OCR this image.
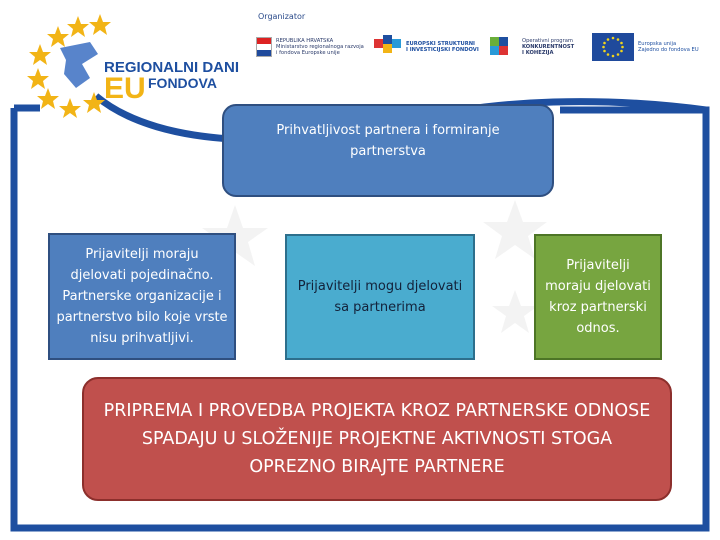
REGIONALNI DANI
EU FONDOVA
Organizator
REPUBLIKA HRVATSKA
Ministarstvo regionalnoga razvoja
i fondova Europske unije
EUROPSKI STRUKTURNI
I INVESTICIJSKI FONDOVI
Operativni program
KONKURENTNOST
I KOHEZIJA
Europska unija
Zajedno do fondova EU
Prihvatljivost partnera i formiranje partnerstva
Prijavitelji moraju djelovati pojedinačno. Partnerske organizacije i partnerstvo bilo koje vrste nisu prihvatljivi.
Prijavitelji mogu djelovati sa partnerima
Prijavitelji moraju djelovati kroz partnerski odnos.
PRIPREMA I PROVEDBA PROJEKTA KROZ PARTNERSKE ODNOSE SPADAJU U SLOŽENIJE PROJEKTNE AKTIVNOSTI STOGA OPREZNO BIRAJTE PARTNERE
